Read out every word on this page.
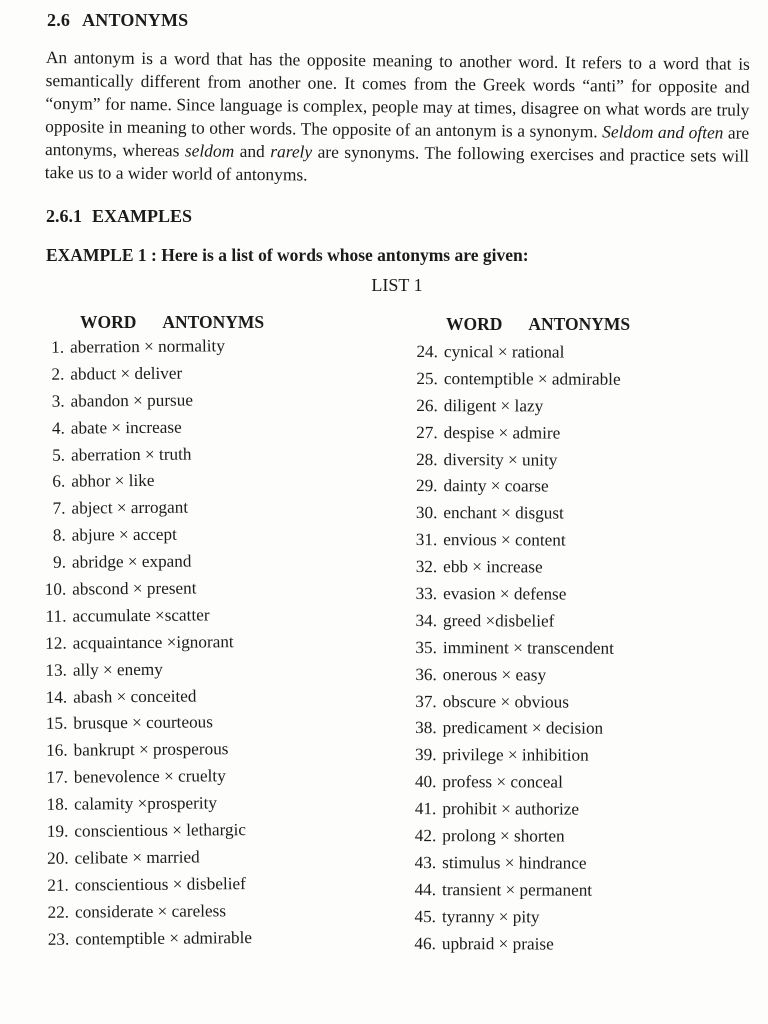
2.6 ANTONYMS

An antonym is a word that has the opposite meaning to another word. It refers to a word that is semantically different from another one. It comes from the Greek words “anti” for opposite and “onym” for name. Since language is complex, people may at times, disagree on what words are truly opposite in meaning to other words. The opposite of an antonym is a synonym. Seldom and often are antonyms, whereas seldom and rarely are synonyms. The following exercises and practice sets will take us to a wider world of antonyms.

2.6.1 EXAMPLES
EXAMPLE 1 : Here is a list of words whose antonyms are given:
LIST 1
WORD ANTONYMS	WORD ANTONYMS
1. aberration × normality
2. abduct × deliver
3. abandon × pursue
4. abate × increase
5. aberration × truth
6. abhor × like
7. abject × arrogant
8. abjure × accept
9. abridge × expand
10. abscond × present
11. accumulate ×scatter
12. acquaintance ×ignorant
13. ally × enemy
14. abash × conceited
15. brusque × courteous
16. bankrupt × prosperous
17. benevolence × cruelty
18. calamity ×prosperity
19. conscientious × lethargic
20. celibate × married
21. conscientious × disbelief
22. considerate × careless
23. contemptible × admirable
24. cynical × rational
25. contemptible × admirable
26. diligent × lazy
27. despise × admire
28. diversity × unity
29. dainty × coarse
30. enchant × disgust
31. envious × content
32. ebb × increase
33. evasion × defense
34. greed ×disbelief
35. imminent × transcendent
36. onerous × easy
37. obscure × obvious
38. predicament × decision
39. privilege × inhibition
40. profess × conceal
41. prohibit × authorize
42. prolong × shorten
43. stimulus × hindrance
44. transient × permanent
45. tyranny × pity
46. upbraid × praise
